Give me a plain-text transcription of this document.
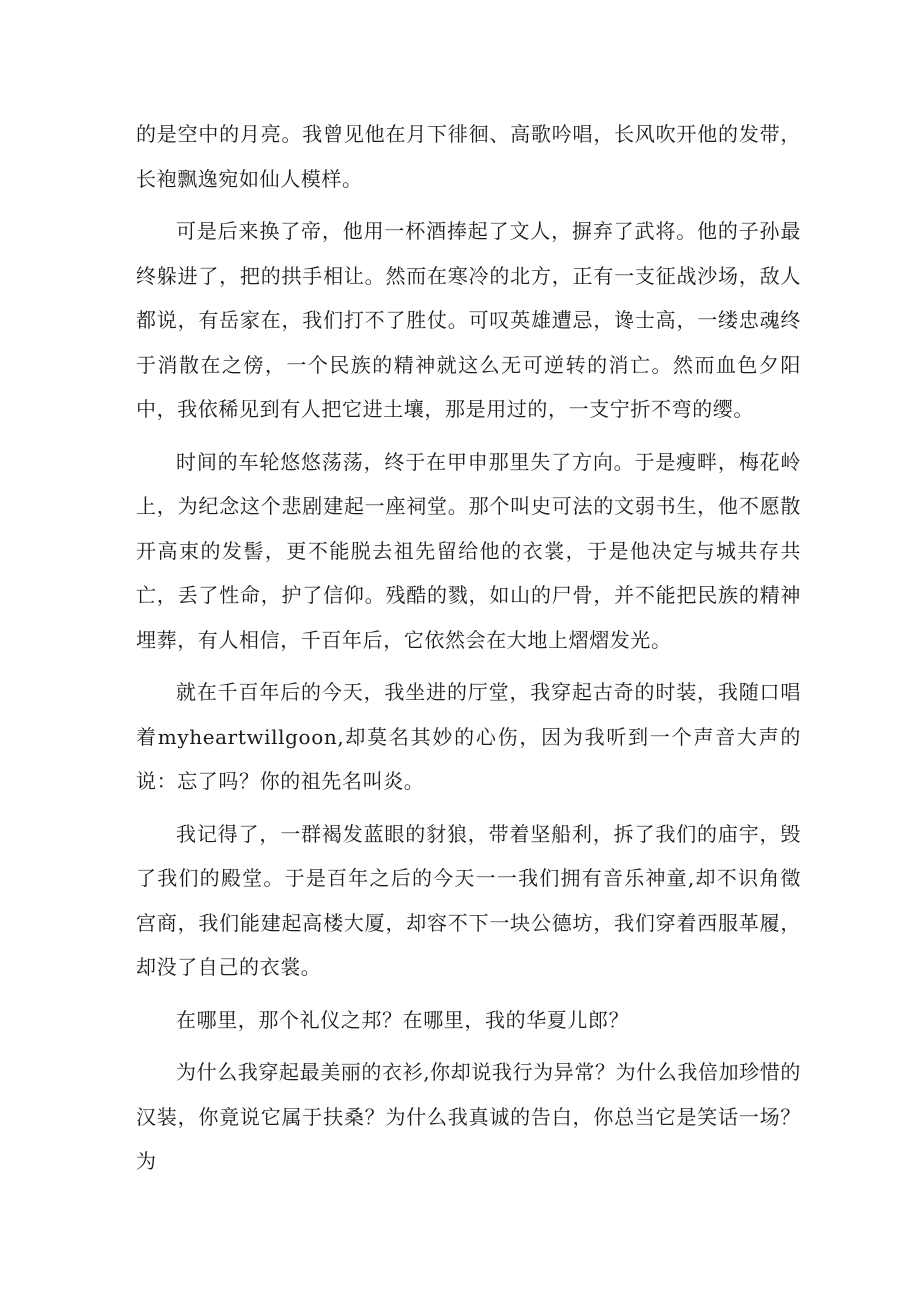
的是空中的月亮。我曾见他在月下徘徊、高歌吟唱，长风吹开他的发带，长袍飘逸宛如仙人模样。

可是后来换了帝，他用一杯酒捧起了文人，摒弃了武将。他的子孙最终躲进了，把的拱手相让。然而在寒冷的北方，正有一支征战沙场，敌人都说，有岳家在，我们打不了胜仗。可叹英雄遭忌，谗士高，一缕忠魂终于消散在之傍，一个民族的精神就这么无可逆转的消亡。然而血色夕阳中，我依稀见到有人把它进土壤，那是用过的，一支宁折不弯的缨。

时间的车轮悠悠荡荡，终于在甲申那里失了方向。于是瘦畔，梅花岭上，为纪念这个悲剧建起一座祠堂。那个叫史可法的文弱书生，他不愿散开高束的发髻，更不能脱去祖先留给他的衣裳，于是他决定与城共存共亡，丢了性命，护了信仰。残酷的戮，如山的尸骨，并不能把民族的精神埋葬，有人相信，千百年后，它依然会在大地上熠熠发光。

就在千百年后的今天，我坐进的厅堂，我穿起古奇的时装，我随口唱着myheartwillgoon,却莫名其妙的心伤，因为我听到一个声音大声的说：忘了吗？你的祖先名叫炎。

我记得了，一群褐发蓝眼的豺狼，带着坚船利，拆了我们的庙宇，毁了我们的殿堂。于是百年之后的今天一一我们拥有音乐神童,却不识角徵宫商，我们能建起高楼大厦，却容不下一块公德坊，我们穿着西服革履，却没了自己的衣裳。

在哪里，那个礼仪之邦？在哪里，我的华夏儿郎？

为什么我穿起最美丽的衣衫,你却说我行为异常？为什么我倍加珍惜的汉装，你竟说它属于扶桑？为什么我真诚的告白，你总当它是笑话一场？为
